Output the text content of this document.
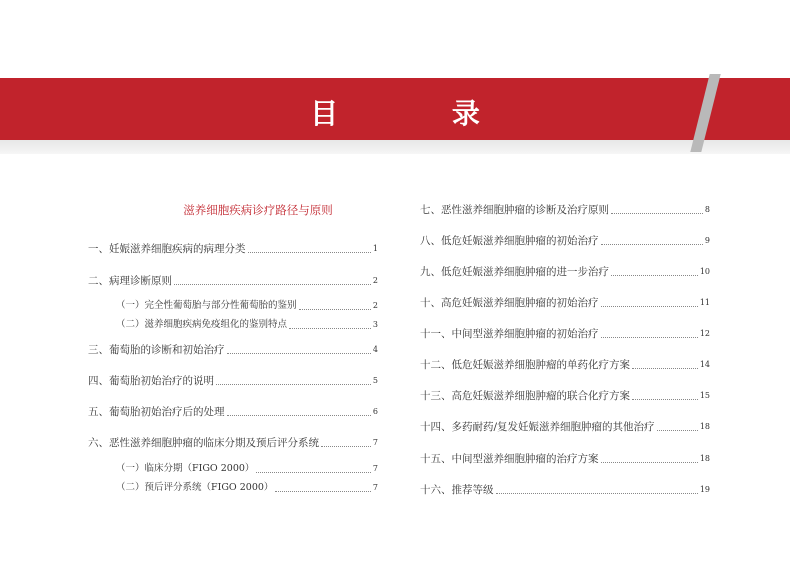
目 录
滋养细胞疾病诊疗路径与原则
一、妊娠滋养细胞疾病的病理分类	1
二、病理诊断原则	2
（一）完全性葡萄胎与部分性葡萄胎的鉴别	2
（二）滋养细胞疾病免疫组化的鉴别特点	3
三、葡萄胎的诊断和初始治疗	4
四、葡萄胎初始治疗的说明	5
五、葡萄胎初始治疗后的处理	6
六、恶性滋养细胞肿瘤的临床分期及预后评分系统	7
（一）临床分期（FIGO 2000）	7
（二）预后评分系统（FIGO 2000）	7
七、恶性滋养细胞肿瘤的诊断及治疗原则	8
八、低危妊娠滋养细胞肿瘤的初始治疗	9
九、低危妊娠滋养细胞肿瘤的进一步治疗	10
十、高危妊娠滋养细胞肿瘤的初始治疗	11
十一、中间型滋养细胞肿瘤的初始治疗	12
十二、低危妊娠滋养细胞肿瘤的单药化疗方案	14
十三、高危妊娠滋养细胞肿瘤的联合化疗方案	15
十四、多药耐药/复发妊娠滋养细胞肿瘤的其他治疗	18
十五、中间型滋养细胞肿瘤的治疗方案	18
十六、推荐等级	19
